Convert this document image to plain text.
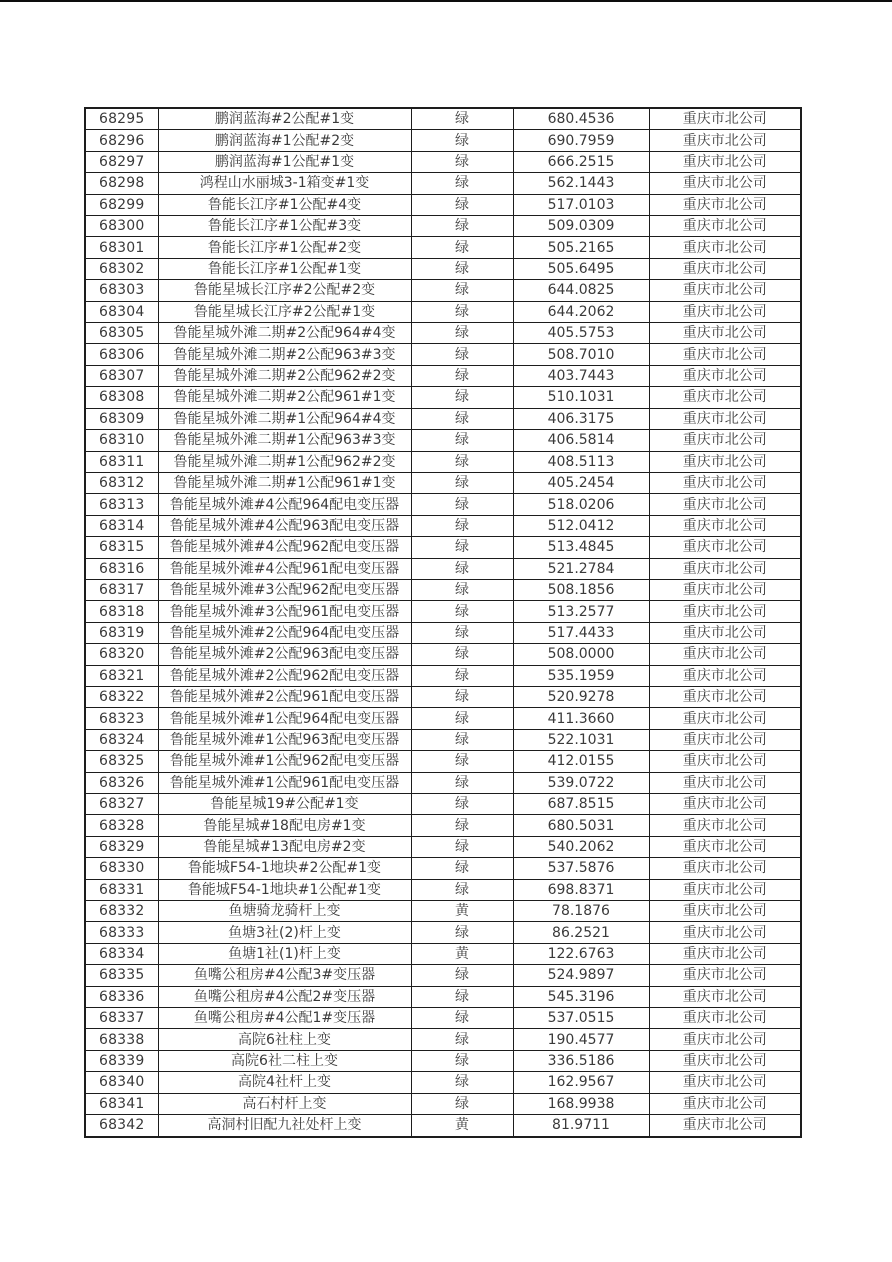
68295	鹏润蓝海#2公配#1变	绿	680.4536	重庆市北公司
68296	鹏润蓝海#1公配#2变	绿	690.7959	重庆市北公司
68297	鹏润蓝海#1公配#1变	绿	666.2515	重庆市北公司
68298	鸿程山水丽城3-1箱变#1变	绿	562.1443	重庆市北公司
68299	鲁能长江序#1公配#4变	绿	517.0103	重庆市北公司
68300	鲁能长江序#1公配#3变	绿	509.0309	重庆市北公司
68301	鲁能长江序#1公配#2变	绿	505.2165	重庆市北公司
68302	鲁能长江序#1公配#1变	绿	505.6495	重庆市北公司
68303	鲁能星城长江序#2公配#2变	绿	644.0825	重庆市北公司
68304	鲁能星城长江序#2公配#1变	绿	644.2062	重庆市北公司
68305	鲁能星城外滩二期#2公配964#4变	绿	405.5753	重庆市北公司
68306	鲁能星城外滩二期#2公配963#3变	绿	508.7010	重庆市北公司
68307	鲁能星城外滩二期#2公配962#2变	绿	403.7443	重庆市北公司
68308	鲁能星城外滩二期#2公配961#1变	绿	510.1031	重庆市北公司
68309	鲁能星城外滩二期#1公配964#4变	绿	406.3175	重庆市北公司
68310	鲁能星城外滩二期#1公配963#3变	绿	406.5814	重庆市北公司
68311	鲁能星城外滩二期#1公配962#2变	绿	408.5113	重庆市北公司
68312	鲁能星城外滩二期#1公配961#1变	绿	405.2454	重庆市北公司
68313	鲁能星城外滩#4公配964配电变压器	绿	518.0206	重庆市北公司
68314	鲁能星城外滩#4公配963配电变压器	绿	512.0412	重庆市北公司
68315	鲁能星城外滩#4公配962配电变压器	绿	513.4845	重庆市北公司
68316	鲁能星城外滩#4公配961配电变压器	绿	521.2784	重庆市北公司
68317	鲁能星城外滩#3公配962配电变压器	绿	508.1856	重庆市北公司
68318	鲁能星城外滩#3公配961配电变压器	绿	513.2577	重庆市北公司
68319	鲁能星城外滩#2公配964配电变压器	绿	517.4433	重庆市北公司
68320	鲁能星城外滩#2公配963配电变压器	绿	508.0000	重庆市北公司
68321	鲁能星城外滩#2公配962配电变压器	绿	535.1959	重庆市北公司
68322	鲁能星城外滩#2公配961配电变压器	绿	520.9278	重庆市北公司
68323	鲁能星城外滩#1公配964配电变压器	绿	411.3660	重庆市北公司
68324	鲁能星城外滩#1公配963配电变压器	绿	522.1031	重庆市北公司
68325	鲁能星城外滩#1公配962配电变压器	绿	412.0155	重庆市北公司
68326	鲁能星城外滩#1公配961配电变压器	绿	539.0722	重庆市北公司
68327	鲁能星城19#公配#1变	绿	687.8515	重庆市北公司
68328	鲁能星城#18配电房#1变	绿	680.5031	重庆市北公司
68329	鲁能星城#13配电房#2变	绿	540.2062	重庆市北公司
68330	鲁能城F54-1地块#2公配#1变	绿	537.5876	重庆市北公司
68331	鲁能城F54-1地块#1公配#1变	绿	698.8371	重庆市北公司
68332	鱼塘骑龙骑杆上变	黄	78.1876	重庆市北公司
68333	鱼塘3社(2)杆上变	绿	86.2521	重庆市北公司
68334	鱼塘1社(1)杆上变	黄	122.6763	重庆市北公司
68335	鱼嘴公租房#4公配3#变压器	绿	524.9897	重庆市北公司
68336	鱼嘴公租房#4公配2#变压器	绿	545.3196	重庆市北公司
68337	鱼嘴公租房#4公配1#变压器	绿	537.0515	重庆市北公司
68338	高院6社柱上变	绿	190.4577	重庆市北公司
68339	高院6社二柱上变	绿	336.5186	重庆市北公司
68340	高院4社杆上变	绿	162.9567	重庆市北公司
68341	高石村杆上变	绿	168.9938	重庆市北公司
68342	高洞村旧配九社处杆上变	黄	81.9711	重庆市北公司
